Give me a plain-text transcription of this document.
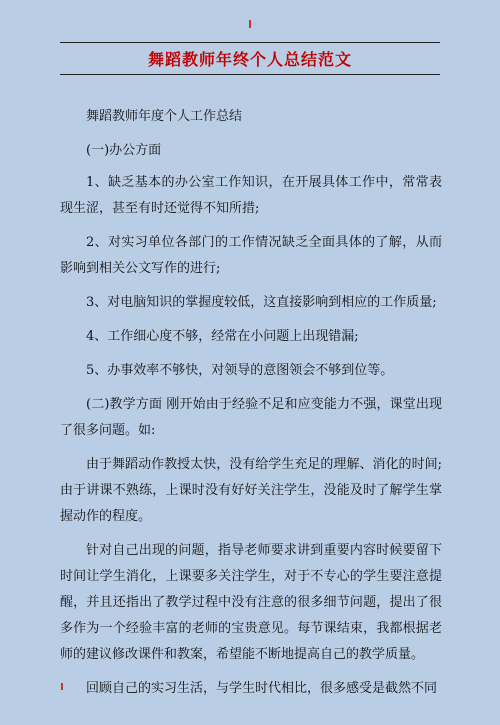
舞蹈教师年终个人总结范文

舞蹈教师年度个人工作总结

(一)办公方面

1、缺乏基本的办公室工作知识，在开展具体工作中，常常表现生涩，甚至有时还觉得不知所措;

2、对实习单位各部门的工作情况缺乏全面具体的了解，从而影响到相关公文写作的进行;

3、对电脑知识的掌握度较低，这直接影响到相应的工作质量;

4、工作细心度不够，经常在小问题上出现错漏;

5、办事效率不够快，对领导的意图领会不够到位等。

(二)教学方面 刚开始由于经验不足和应变能力不强，课堂出现了很多问题。如:

由于舞蹈动作教授太快，没有给学生充足的理解、消化的时间;由于讲课不熟练，上课时没有好好关注学生，没能及时了解学生掌握动作的程度。

针对自己出现的问题，指导老师要求讲到重要内容时候要留下时间让学生消化，上课要多关注学生，对于不专心的学生要注意提醒，并且还指出了教学过程中没有注意的很多细节问题，提出了很多作为一个经验丰富的老师的宝贵意见。每节课结束，我都根据老师的建议修改课件和教案，希望能不断地提高自己的教学质量。

回顾自己的实习生活，与学生时代相比，很多感受是截然不同
